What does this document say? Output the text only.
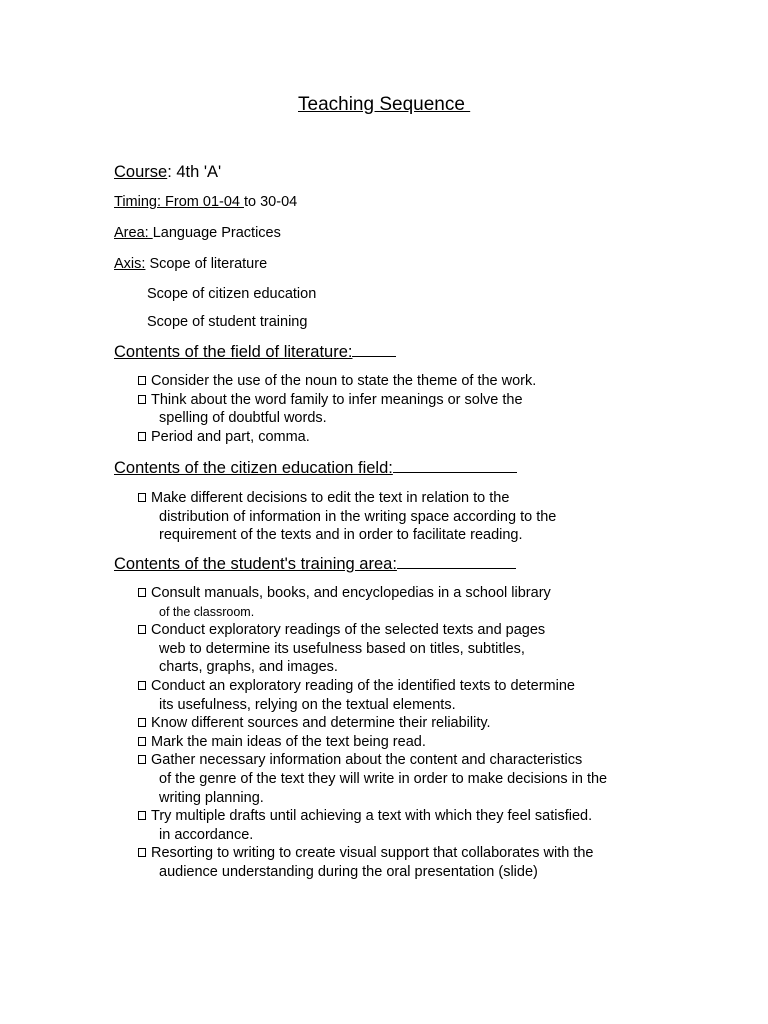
Teaching Sequence
Course: 4th 'A'
Timing: From 01-04 to 30-04
Area: Language Practices
Axis: Scope of literature
Scope of citizen education
Scope of student training
Contents of the field of literature:
Consider the use of the noun to state the theme of the work.
Think about the word family to infer meanings or solve the
spelling of doubtful words.
Period and part, comma.
Contents of the citizen education field:
Make different decisions to edit the text in relation to the
distribution of information in the writing space according to the
requirement of the texts and in order to facilitate reading.
Contents of the student's training area:
Consult manuals, books, and encyclopedias in a school library
of the classroom.
Conduct exploratory readings of the selected texts and pages
web to determine its usefulness based on titles, subtitles,
charts, graphs, and images.
Conduct an exploratory reading of the identified texts to determine
its usefulness, relying on the textual elements.
Know different sources and determine their reliability.
Mark the main ideas of the text being read.
Gather necessary information about the content and characteristics
of the genre of the text they will write in order to make decisions in the
writing planning.
Try multiple drafts until achieving a text with which they feel satisfied.
in accordance.
Resorting to writing to create visual support that collaborates with the
audience understanding during the oral presentation (slide)
